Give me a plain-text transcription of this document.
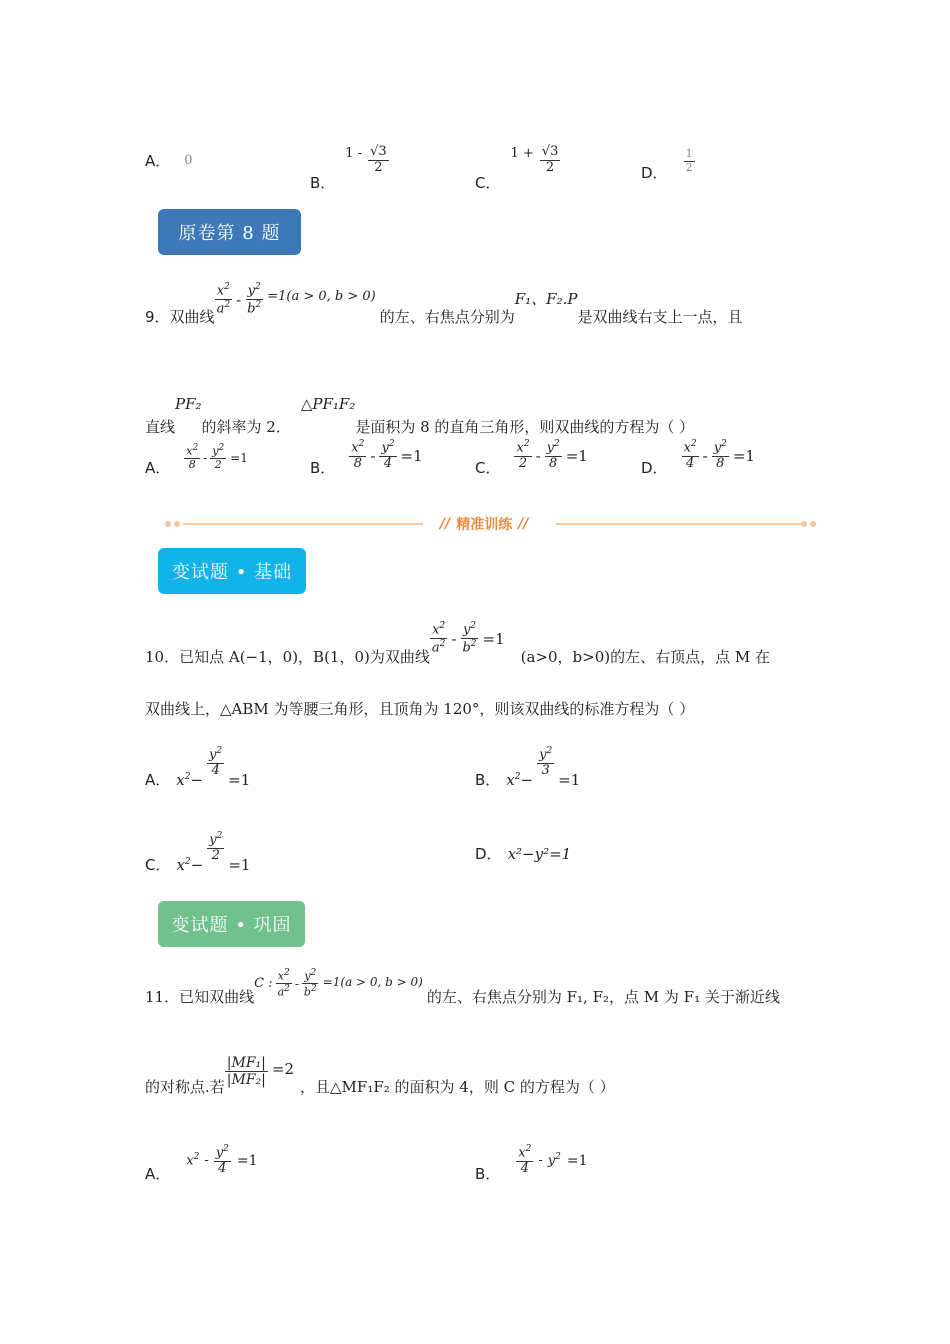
A． 0
B．
$1 - \frac{√3}{2}$
C．
$1 + \frac{√3}{2}$	D． $\frac{1}{2}$
原卷第 8 题
9． 双曲线 $\frac{x^2}{a^2} - \frac{y^2}{b^2} =1(a > 0$, b > 0)
的左、右焦点分别为
F₁、F₂.P
是双曲线右支上一点，且
直线
PF₂
的斜率为 2．
△PF₁F₂
是面积为 8 的直角三角形，则双曲线的方程为（ ）
A． $\frac{x^2}{8} - \frac{y^2}{2} =1$
B． $\frac{x^2}{8} - \frac{y^2}{4} =1$
C． $\frac{x^2}{2} - \frac{y^2}{8} =1$
D． $\frac{x^2}{4} - \frac{y^2}{8} =1$
// 精准训练 //
变试题 • 基础
10．已知点 A(−1，0)，B(1，0)为双曲线
$\frac{x^2}{a^2} - \frac{y^2}{b^2} =1$
(a>0，b>0)的左、右顶点，点 M 在
双曲线上，△ABM 为等腰三角形，且顶角为 120°，则该双曲线的标准方程为（ ）
A． $x^2-$
$\frac{y^2}{4}$
=1	B． $x^2-$
$\frac{y^2}{3}$
=1
C． $x^2-$
$\frac{y^2}{2}$
=1
D． x²−y²=1
变试题 • 巩固
11．已知双曲线
C : $\frac{x^2}{a^2} - \frac{y^2}{b^2} =1(a > 0$, b > 0)
的左、右焦点分别为 F₁, F₂，点 M 为 F₁ 关于渐近线
的对称点.若 $\frac{\text{|MF₁|}}{\text{|MF₂|}} =2$
，且△MF₁F₂ 的面积为 4，则 C 的方程为（ ）
A．
$x^2 - \frac{y^2}{4} =1$
B． $\frac{x^2}{4} - y^2 =1$
